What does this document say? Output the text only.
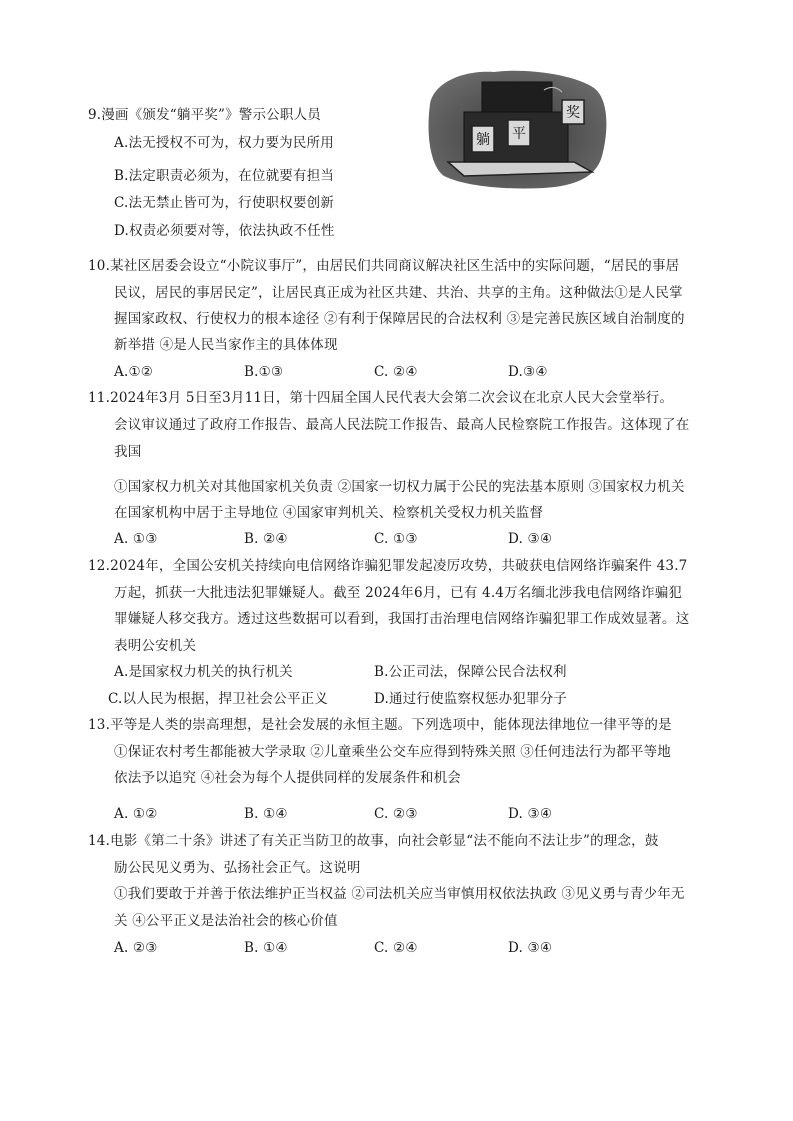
9.漫画《颁发“躺平奖”》警示公职人员
A.法无授权不可为，权力要为民所用
B.法定职责必须为，在位就要有担当
C.法无禁止皆可为，行使职权要创新
D.权责必须要对等，依法执政不任性
躺 平
奖
10.某社区居委会设立“小院议事厅”，由居民们共同商议解决社区生活中的实际问题，“居民的事居
民议，居民的事居民定”，让居民真正成为社区共建、共治、共享的主角。这种做法①是人民掌
握国家政权、行使权力的根本途径 ②有利于保障居民的合法权利 ③是完善民族区域自治制度的
新举措 ④是人民当家作主的具体体现
A.①②	B.①③	C. ②④	D.③④
11.2024年3月 5日至3月11日，第十四届全国人民代表大会第二次会议在北京人民大会堂举行。
会议审议通过了政府工作报告、最高人民法院工作报告、最高人民检察院工作报告。这体现了在
我国
①国家权力机关对其他国家机关负责 ②国家一切权力属于公民的宪法基本原则 ③国家权力机关
在国家机构中居于主导地位 ④国家审判机关、检察机关受权力机关监督
A. ①③	B. ②④	C. ①③	D. ③④
12.2024年，全国公安机关持续向电信网络诈骗犯罪发起凌厉攻势，共破获电信网络诈骗案件 43.7
万起，抓获一大批违法犯罪嫌疑人。截至 2024年6月，已有 4.4万名缅北涉我电信网络诈骗犯
罪嫌疑人移交我方。透过这些数据可以看到，我国打击治理电信网络诈骗犯罪工作成效显著。这
表明公安机关
A.是国家权力机关的执行机关	B.公正司法，保障公民合法权利
C.以人民为根据，捍卫社会公平正义	D.通过行使监察权惩办犯罪分子
13.平等是人类的崇高理想，是社会发展的永恒主题。下列选项中，能体现法律地位一律平等的是
①保证农村考生都能被大学录取 ②儿童乘坐公交车应得到特殊关照 ③任何违法行为都平等地
依法予以追究 ④社会为每个人提供同样的发展条件和机会
A. ①②	B. ①④	C. ②③	D. ③④
14.电影《第二十条》讲述了有关正当防卫的故事，向社会彰显“法不能向不法让步”的理念，鼓
励公民见义勇为、弘扬社会正气。这说明
①我们要敢于并善于依法维护正当权益 ②司法机关应当审慎用权依法执政 ③见义勇与青少年无
关 ④公平正义是法治社会的核心价值
A. ②③	B. ①④	C. ②④	D. ③④
